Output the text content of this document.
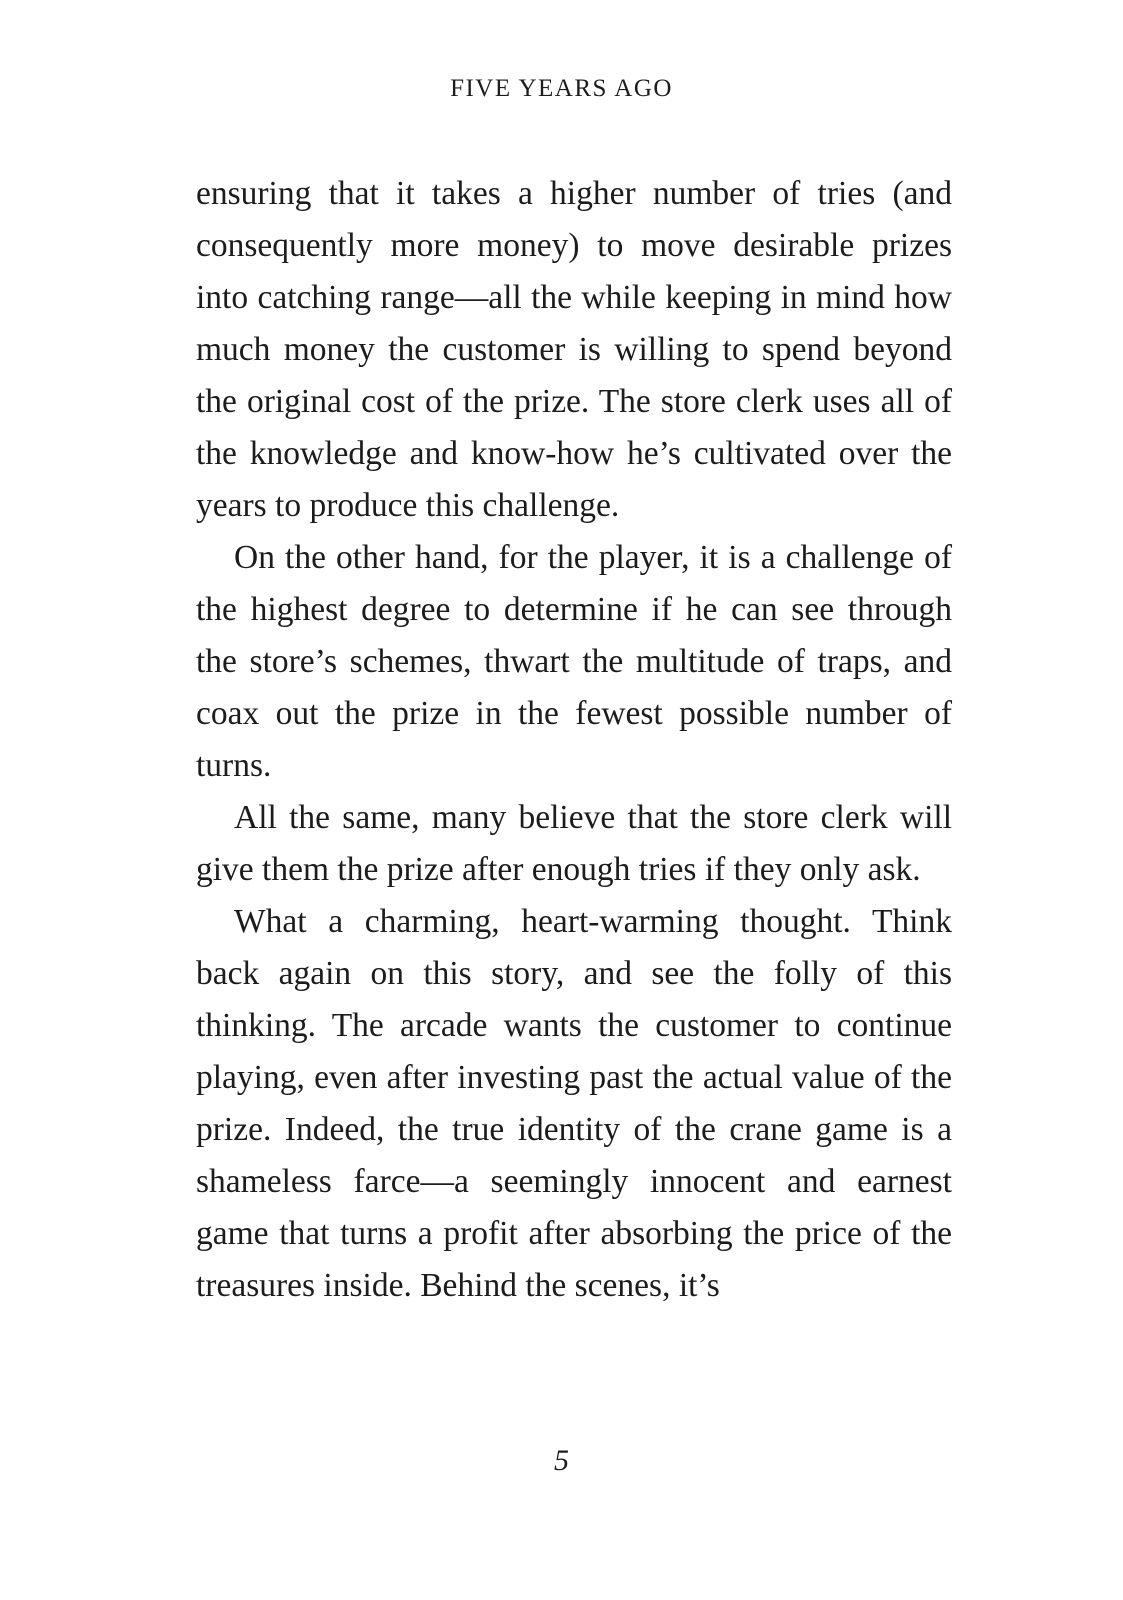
FIVE YEARS AGO

ensuring that it takes a higher number of tries (and consequently more money) to move desirable prizes into catching range—all the while keeping in mind how much money the customer is willing to spend beyond the original cost of the prize. The store clerk uses all of the knowledge and know-how he’s cultivated over the years to produce this challenge.

On the other hand, for the player, it is a challenge of the highest degree to determine if he can see through the store’s schemes, thwart the multitude of traps, and coax out the prize in the fewest possible number of turns.

All the same, many believe that the store clerk will give them the prize after enough tries if they only ask.

What a charming, heart-warming thought. Think back again on this story, and see the folly of this thinking. The arcade wants the customer to continue playing, even after investing past the actual value of the prize. Indeed, the true identity of the crane game is a shameless farce—a seemingly innocent and earnest game that turns a profit after absorbing the price of the treasures inside. Behind the scenes, it’s

5
